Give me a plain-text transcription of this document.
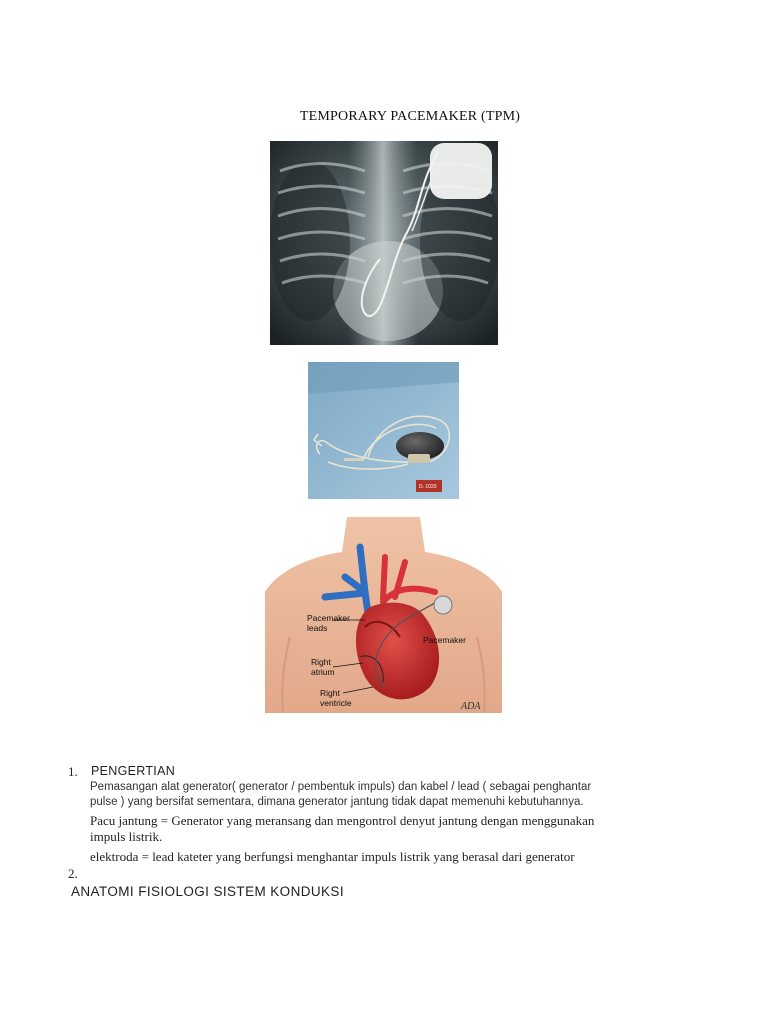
TEMPORARY PACEMAKER (TPM)
D. 1020
Pacemaker
leads
Pacemaker
Right
atrium
Right
ventricle	ADA
1. PENGERTIAN
Pemasangan alat generator( generator / pembentuk impuls) dan kabel / lead ( sebagai penghantar
pulse ) yang bersifat sementara, dimana generator jantung tidak dapat memenuhi kebutuhannya.
Pacu jantung = Generator yang meransang dan mengontrol denyut jantung dengan menggunakan
impuls listrik.
elektroda = lead kateter yang berfungsi menghantar impuls listrik yang berasal dari generator
2.
ANATOMI FISIOLOGI SISTEM KONDUKSI
